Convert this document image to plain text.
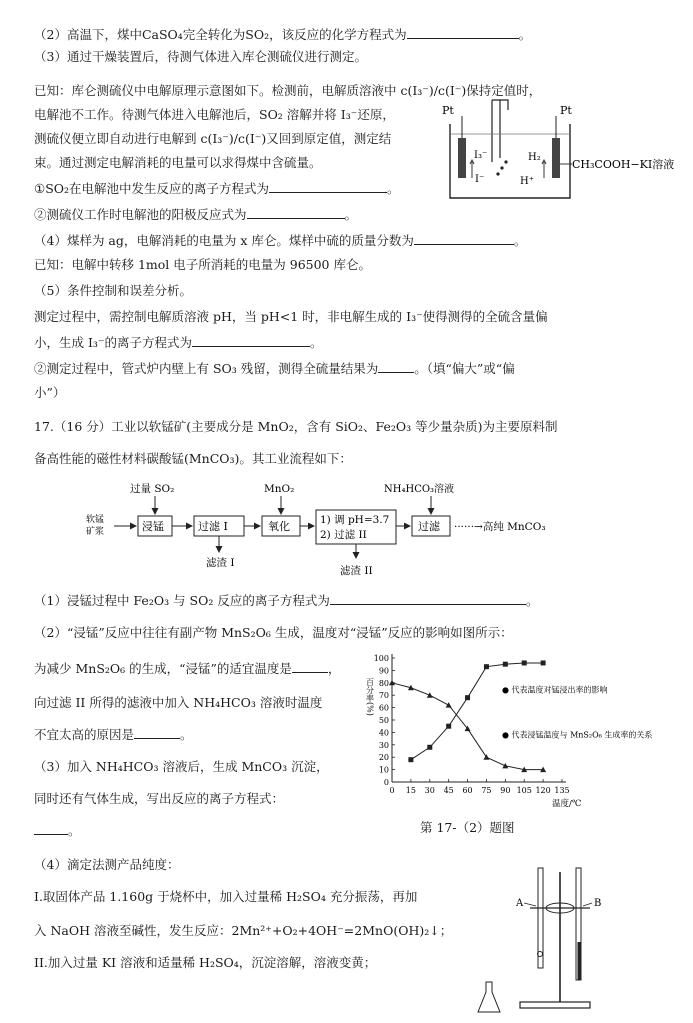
（2）高温下，煤中CaSO₄完全转化为SO₂，该反应的化学方程式为	。
（3）通过干燥装置后，待测气体进入库仑测硫仪进行测定。
已知：库仑测硫仪中电解原理示意图如下。检测前，电解质溶液中 c(I₃⁻)/c(I⁻)保持定值时，
电解池不工作。待测气体进入电解池后，SO₂ 溶解并将 I₃⁻还原，
测硫仪便立即自动进行电解到 c(I₃⁻)/c(I⁻)又回到原定值，测定结
束。通过测定电解消耗的电量可以求得煤中含硫量。
①SO₂在电解池中发生反应的离子方程式为	。
②测硫仪工作时电解池的阳极反应式为	。
（4）煤样为 ag，电解消耗的电量为 x 库仑。煤样中硫的质量分数为	。
已知：电解中转移 1mol 电子所消耗的电量为 96500 库仑。
（5）条件控制和误差分析。
测定过程中，需控制电解质溶液 pH，当 pH<1 时，非电解生成的 I₃⁻使得测得的全硫含量偏
小，生成 I₃⁻的离子方程式为	。
②测定过程中，管式炉内壁上有 SO₃ 残留，测得全硫量结果为	。（填“偏大”或“偏
小”）
Pt	Pt
I₃⁻
I⁻
H₂
H⁺
CH₃COOH−KI溶液
17.（16 分）工业以软锰矿(主要成分是 MnO₂，含有 SiO₂、Fe₂O₃ 等少量杂质)为主要原料制
备高性能的磁性材料碳酸锰(MnCO₃)。其工业流程如下：
软锰
矿浆	浸锰
过量 SO₂
过滤 I
滤渣 I
氧化
MnO₂
1) 调 pH=3.7
2) 过滤 II
滤渣 II
过滤
NH₄HCO₃溶液
······→高纯 MnCO₃
（1）浸锰过程中 Fe₂O₃ 与 SO₂ 反应的离子方程式为	。
（2）“浸锰”反应中往往有副产物 MnS₂O₆ 生成，温度对“浸锰”反应的影响如图所示：
为减少 MnS₂O₆ 的生成，“浸锰”的适宜温度是	，
向过滤 II 所得的滤液中加入 NH₄HCO₃ 溶液时温度
不宜太高的原因是	。
（3）加入 NH₄HCO₃ 溶液后，生成 MnCO₃ 沉淀，
同时还有气体生成，写出反应的离子方程式：
。
0
10
20
30
40
50
60
70
80
90
100
0 15 30 45 60 75 90 105 120 135
百分率(%)
温度/℃
● 代表温度对锰浸出率的影响
● 代表浸锰温度与 MnS₂O₆ 生成率的关系
第 17-（2）题图
（4）滴定法测产品纯度：
I.取固体产品 1.160g 于烧杯中，加入过量稀 H₂SO₄ 充分振荡，再加
入 NaOH 溶液至碱性，发生反应：2Mn²⁺+O₂+4OH⁻=2MnO(OH)₂↓；
II.加入过量 KI 溶液和适量稀 H₂SO₄，沉淀溶解，溶液变黄；
A	B
